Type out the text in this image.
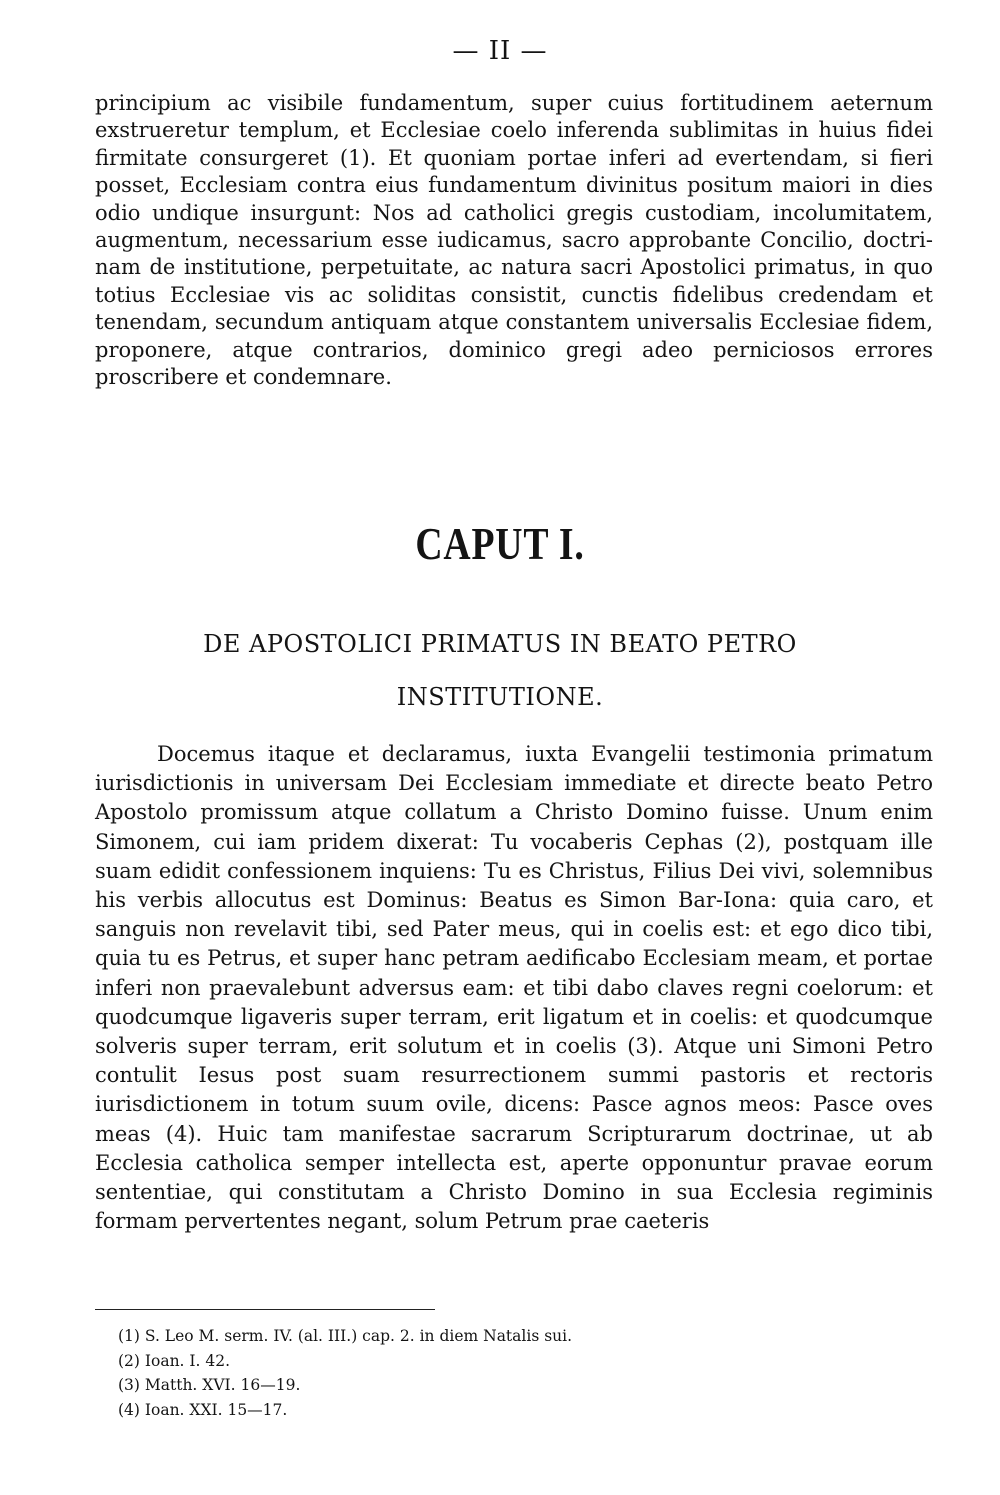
— II —

principium ac visibile fundamentum, super cuius fortitudinem aeternum exstrueretur templum, et Ecclesiae coelo inferenda sublimitas in huius fidei firmitate consurgeret (1). Et quoniam portae inferi ad evertendam, si fieri posset, Ecclesiam contra eius fundamentum divinitus positum maiori in dies odio undique insurgunt: Nos ad catholici gregis custodiam, incolumitatem, augmentum, necessarium esse iudicamus, sacro approbante Concilio, doctrinam de institutione, perpetuitate, ac natura sacri Apostolici primatus, in quo totius Ecclesiae vis ac soliditas consistit, cunctis fidelibus credendam et tenendam, secundum antiquam atque constantem universalis Ecclesiae fidem, proponere, atque contrarios, dominico gregi adeo perniciosos errores proscribere et condemnare.

CAPUT I.
DE APOSTOLICI PRIMATUS IN BEATO PETRO INSTITUTIONE.

Docemus itaque et declaramus, iuxta Evangelii testimonia primatum iurisdictionis in universam Dei Ecclesiam immediate et directe beato Petro Apostolo promissum atque collatum a Christo Domino fuisse. Unum enim Simonem, cui iam pridem dixerat: Tu vocaberis Cephas (2), postquam ille suam edidit confessionem inquiens: Tu es Christus, Filius Dei vivi, solemnibus his verbis allocutus est Dominus: Beatus es Simon Bar-Iona: quia caro, et sanguis non revelavit tibi, sed Pater meus, qui in coelis est: et ego dico tibi, quia tu es Petrus, et super hanc petram aedificabo Ecclesiam meam, et portae inferi non praevalebunt adversus eam: et tibi dabo claves regni coelorum: et quodcumque ligaveris super terram, erit ligatum et in coelis: et quodcumque solveris super terram, erit solutum et in coelis (3). Atque uni Simoni Petro contulit Iesus post suam resurrectionem summi pastoris et rectoris iurisdictionem in totum suum ovile, dicens: Pasce agnos meos: Pasce oves meas (4). Huic tam manifestae sacrarum Scripturarum doctrinae, ut ab Ecclesia catholica semper intellecta est, aperte opponuntur pravae eorum sententiae, qui constitutam a Christo Domino in sua Ecclesia regiminis formam pervertentes negant, solum Petrum prae caeteris

(1) S. Leo M. serm. IV. (al. III.) cap. 2. in diem Natalis sui.
(2) Ioan. I. 42.
(3) Matth. XVI. 16—19.
(4) Ioan. XXI. 15—17.
